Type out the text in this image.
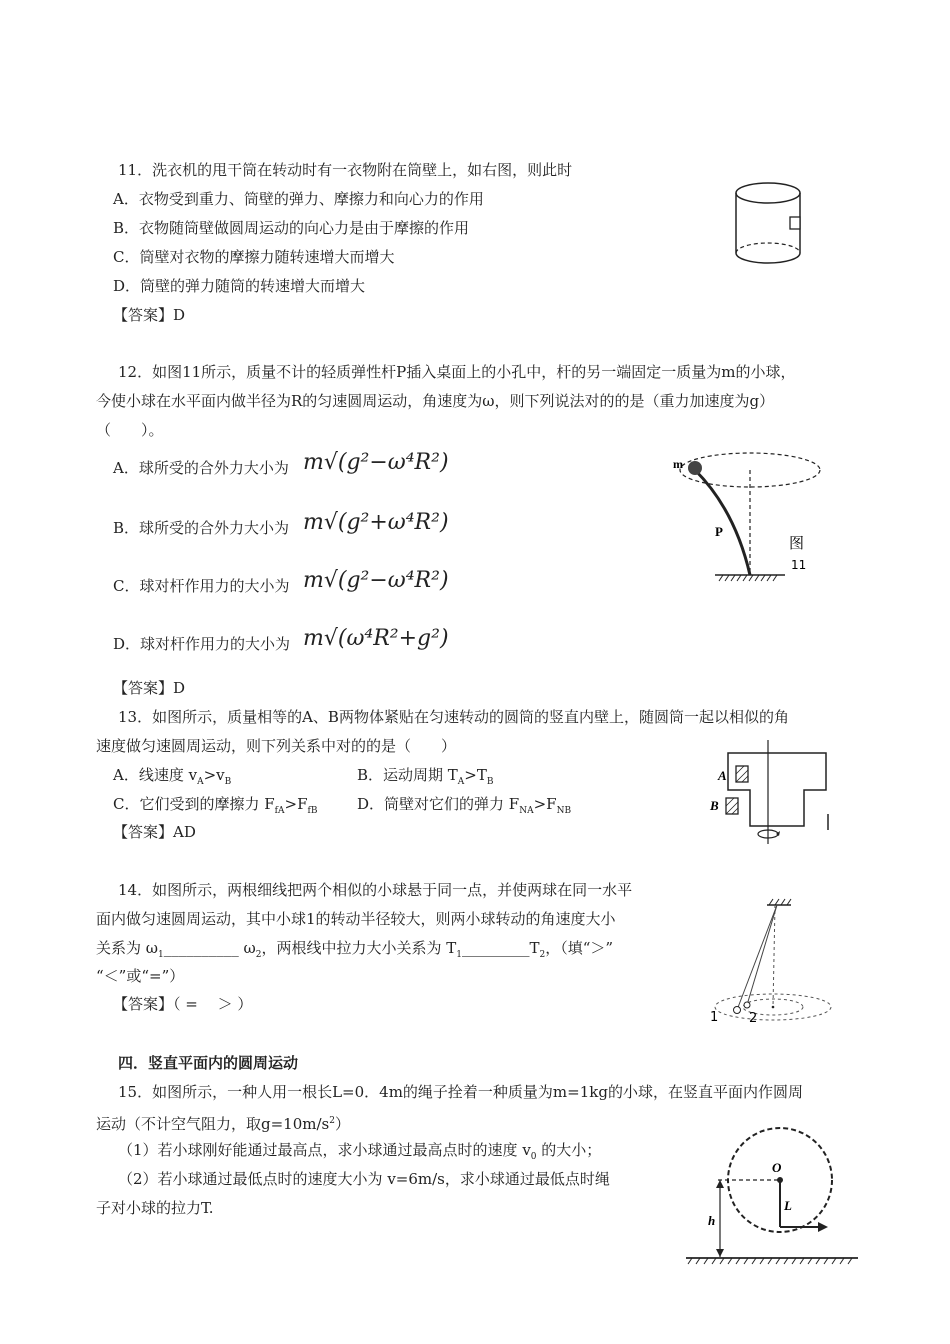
11．洗衣机的甩干筒在转动时有一衣物附在筒壁上，如右图，则此时
A．衣物受到重力、筒壁的弹力、摩擦力和向心力的作用
B．衣物随筒壁做圆周运动的向心力是由于摩擦的作用
C．筒壁对衣物的摩擦力随转速增大而增大
D．筒壁的弹力随筒的转速增大而增大
【答案】D
12．如图11所示，质量不计的轻质弹性杆P插入桌面上的小孔中，杆的另一端固定一质量为m的小球，
今使小球在水平面内做半径为R的匀速圆周运动，角速度为ω，则下列说法对的的是（重力加速度为g）
（　　）。
A．球所受的合外力大小为 m√(g²−ω⁴R²)
B．球所受的合外力大小为 m√(g²+ω⁴R²)
C．球对杆作用力的大小为 m√(g²−ω⁴R²)
D．球对杆作用力的大小为 m√(ω⁴R²+g²)
【答案】D
m
P
图
11
13．如图所示，质量相等的A、B两物体紧贴在匀速转动的圆筒的竖直内壁上，随圆筒一起以相似的角
速度做匀速圆周运动，则下列关系中对的的是（　　）
A．线速度 $v_A>v_B$	B．运动周期 $T_A>T_B$
C．它们受到的摩擦力 $F_{fA}>F_{fB}$	D．筒壁对它们的弹力 $F_{NA}>F_{NB}$
【答案】AD
A
B
14．如图所示，两根细线把两个相似的小球悬于同一点，并使两球在同一水平
面内做匀速圆周运动，其中小球1的转动半径较大，则两小球转动的角速度大小
关系为 $\omega_1\_\_\_\_\_\_\_\_\_\_$ $\omega_2$，两根线中拉力大小关系为 $T_1\_\_\_\_\_\_\_\_\_T_2$，（填“＞”
“＜”或“=”）
【答案】（ =　 ＞ ）
1 2
四．竖直平面内的圆周运动
15．如图所示，一种人用一根长L=0．4m的绳子拴着一种质量为m=1kg的小球，在竖直平面内作圆周
运动（不计空气阻力，取$g=10m/s^2$）
（1）若小球刚好能通过最高点，求小球通过最高点时的速度 $v_0$ 的大小；
（2）若小球通过最低点时的速度大小为 v=6m/s，求小球通过最低点时绳
子对小球的拉力T.
O
L
h
